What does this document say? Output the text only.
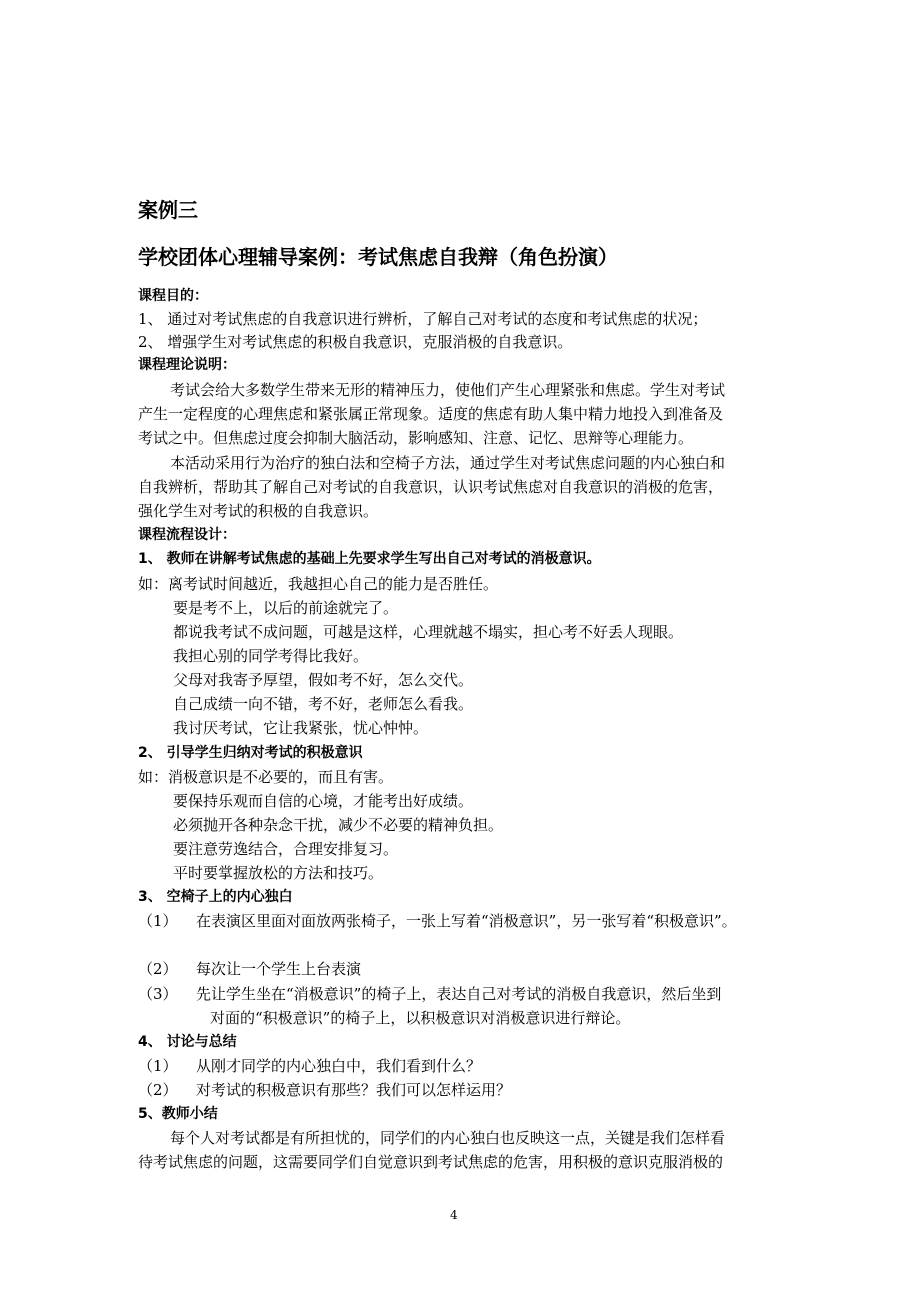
案例三
学校团体心理辅导案例：考试焦虑自我辩（角色扮演）
课程目的：
1、 通过对考试焦虑的自我意识进行辨析，了解自己对考试的态度和考试焦虑的状况；
2、 增强学生对考试焦虑的积极自我意识，克服消极的自我意识。
课程理论说明：
考试会给大多数学生带来无形的精神压力，使他们产生心理紧张和焦虑。学生对考试
产生一定程度的心理焦虑和紧张属正常现象。适度的焦虑有助人集中精力地投入到准备及
考试之中。但焦虑过度会抑制大脑活动，影响感知、注意、记忆、思辩等心理能力。
本活动采用行为治疗的独白法和空椅子方法，通过学生对考试焦虑问题的内心独白和
自我辨析，帮助其了解自己对考试的自我意识，认识考试焦虑对自我意识的消极的危害，
强化学生对考试的积极的自我意识。
课程流程设计：
1、 教师在讲解考试焦虑的基础上先要求学生写出自己对考试的消极意识。
如：离考试时间越近，我越担心自己的能力是否胜任。
要是考不上，以后的前途就完了。
都说我考试不成问题，可越是这样，心理就越不塌实，担心考不好丢人现眼。
我担心别的同学考得比我好。
父母对我寄予厚望，假如考不好，怎么交代。
自己成绩一向不错，考不好，老师怎么看我。
我讨厌考试，它让我紧张，忧心忡忡。
2、 引导学生归纳对考试的积极意识
如：消极意识是不必要的，而且有害。
要保持乐观而自信的心境，才能考出好成绩。
必须抛开各种杂念干扰，减少不必要的精神负担。
要注意劳逸结合，合理安排复习。
平时要掌握放松的方法和技巧。
3、 空椅子上的内心独白
（1） 在表演区里面对面放两张椅子，一张上写着“消极意识”，另一张写着“积极意识”。
（2） 每次让一个学生上台表演
（3） 先让学生坐在“消极意识”的椅子上，表达自己对考试的消极自我意识，然后坐到
对面的“积极意识”的椅子上，以积极意识对消极意识进行辩论。
4、 讨论与总结
（1） 从刚才同学的内心独白中，我们看到什么？
（2） 对考试的积极意识有那些？我们可以怎样运用？
5、教师小结
每个人对考试都是有所担忧的，同学们的内心独白也反映这一点，关键是我们怎样看
待考试焦虑的问题，这需要同学们自觉意识到考试焦虑的危害，用积极的意识克服消极的
4
